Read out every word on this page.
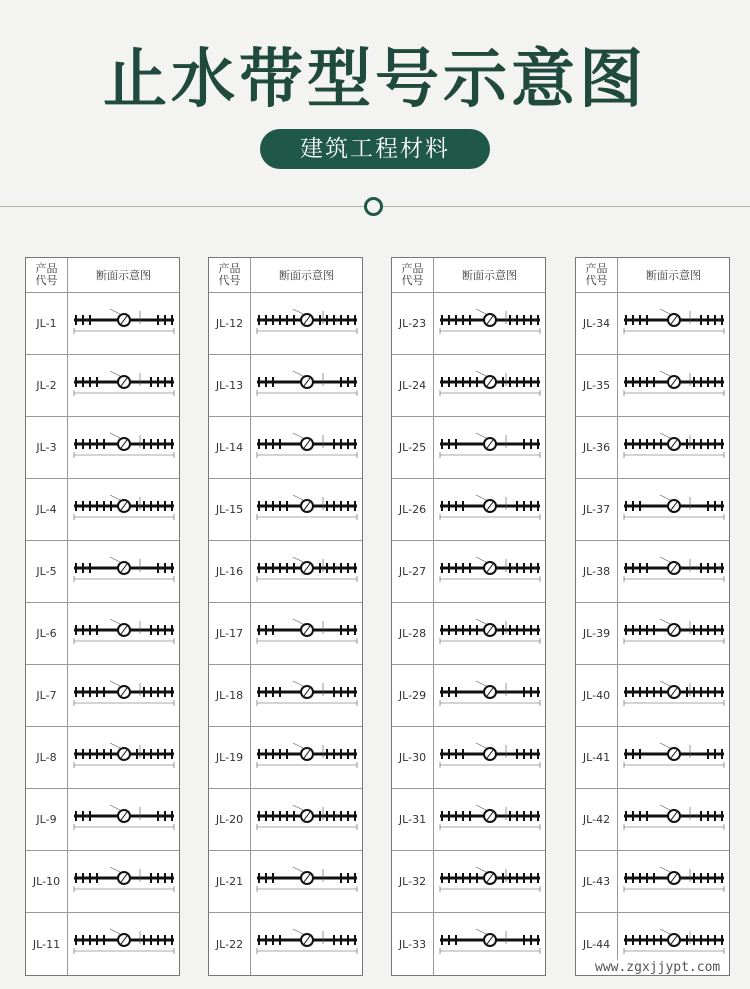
止水带型号示意图
建筑工程材料
产品
代号	断面示意图
JL-1
JL-2
JL-3
JL-4
JL-5
JL-6
JL-7
JL-8
JL-9
JL-10
JL-11
产品
代号	断面示意图
JL-12
JL-13
JL-14
JL-15
JL-16
JL-17
JL-18
JL-19
JL-20
JL-21
JL-22
产品
代号	断面示意图
JL-23
JL-24
JL-25
JL-26
JL-27
JL-28
JL-29
JL-30
JL-31
JL-32
JL-33
产品
代号	断面示意图
JL-34
JL-35
JL-36
JL-37
JL-38
JL-39
JL-40
JL-41
JL-42
JL-43
JL-44
www.zgxjjypt.com
